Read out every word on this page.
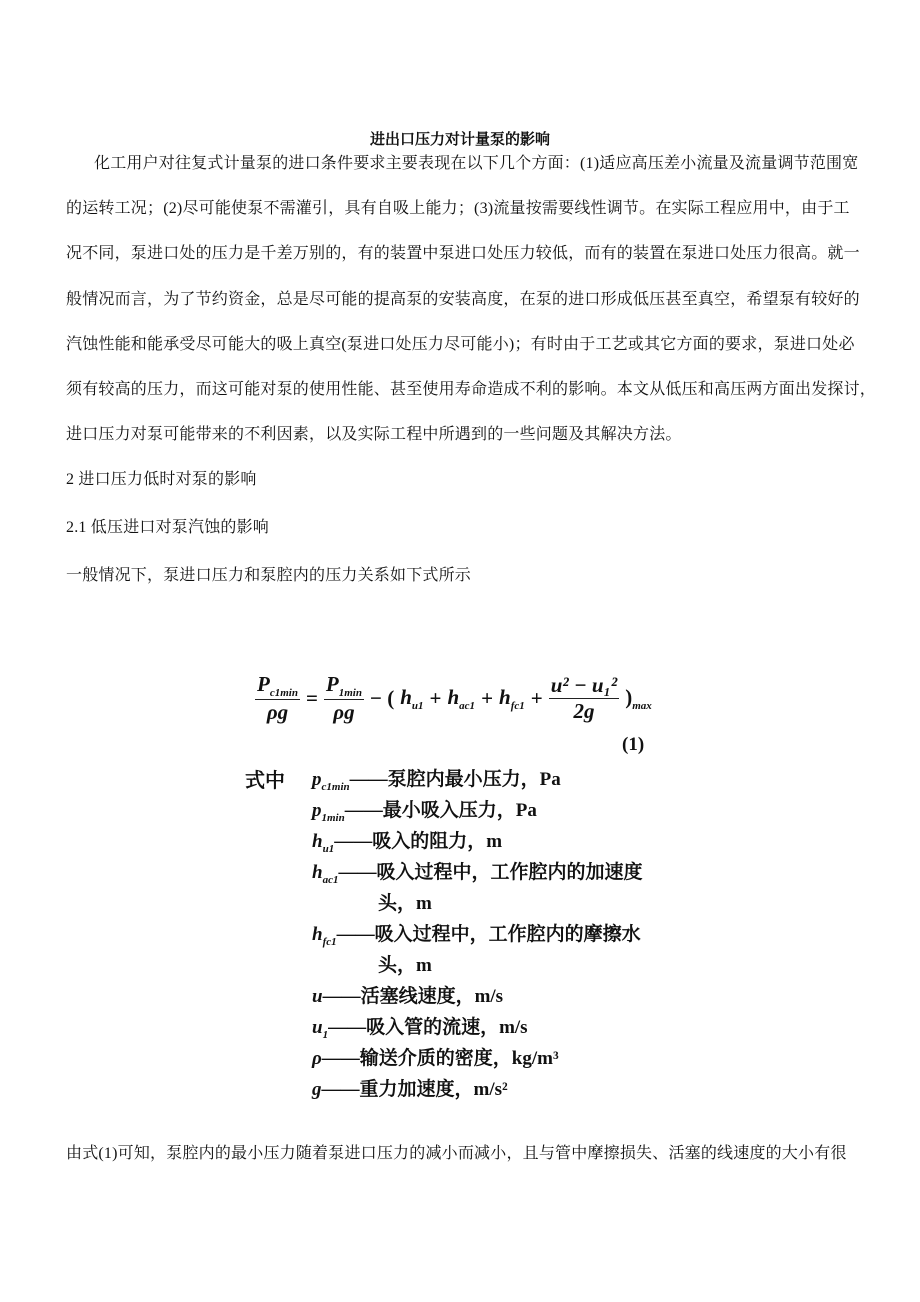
进出口压力对计量泵的影响
化工用户对往复式计量泵的进口条件要求主要表现在以下几个方面：(1)适应高压差小流量及流量调节范围宽
的运转工况；(2)尽可能使泵不需灌引，具有自吸上能力；(3)流量按需要线性调节。在实际工程应用中，由于工
况不同，泵进口处的压力是千差万别的，有的装置中泵进口处压力较低，而有的装置在泵进口处压力很高。就一
般情况而言，为了节约资金，总是尽可能的提高泵的安装高度，在泵的进口形成低压甚至真空，希望泵有较好的
汽蚀性能和能承受尽可能大的吸上真空(泵进口处压力尽可能小)；有时由于工艺或其它方面的要求，泵进口处必
须有较高的压力，而这可能对泵的使用性能、甚至使用寿命造成不利的影响。本文从低压和高压两方面出发探讨，
进口压力对泵可能带来的不利因素，以及实际工程中所遇到的一些问题及其解决方法。
2 进口压力低时对泵的影响
2.1 低压进口对泵汽蚀的影响
一般情况下，泵进口压力和泵腔内的压力关系如下式所示
$\frac{P_{c1min}}{\rho g} = \frac{P_{1min}}{\rho g}$ − ( $h_{u1} + h_{ac1} + h_{fc1} + \frac{\text{u² − u₁²}}{2g} )_{max}$
(1)
式中 $p_{c1min}——$泵腔内最小压力，Pa
$p_{1min}——$最小吸入压力，Pa
$h_{u1}——$吸入的阻力，m
$h_{ac1}——$吸入过程中，工作腔内的加速度
头，m
$h_{fc1}——$吸入过程中，工作腔内的摩擦水
头，m
u——活塞线速度，m/s
$u_1——$吸入管的流速，m/s
ρ——输送介质的密度，kg/m³
g——重力加速度，m/s²
由式(1)可知，泵腔内的最小压力随着泵进口压力的减小而减小，且与管中摩擦损失、活塞的线速度的大小有很
